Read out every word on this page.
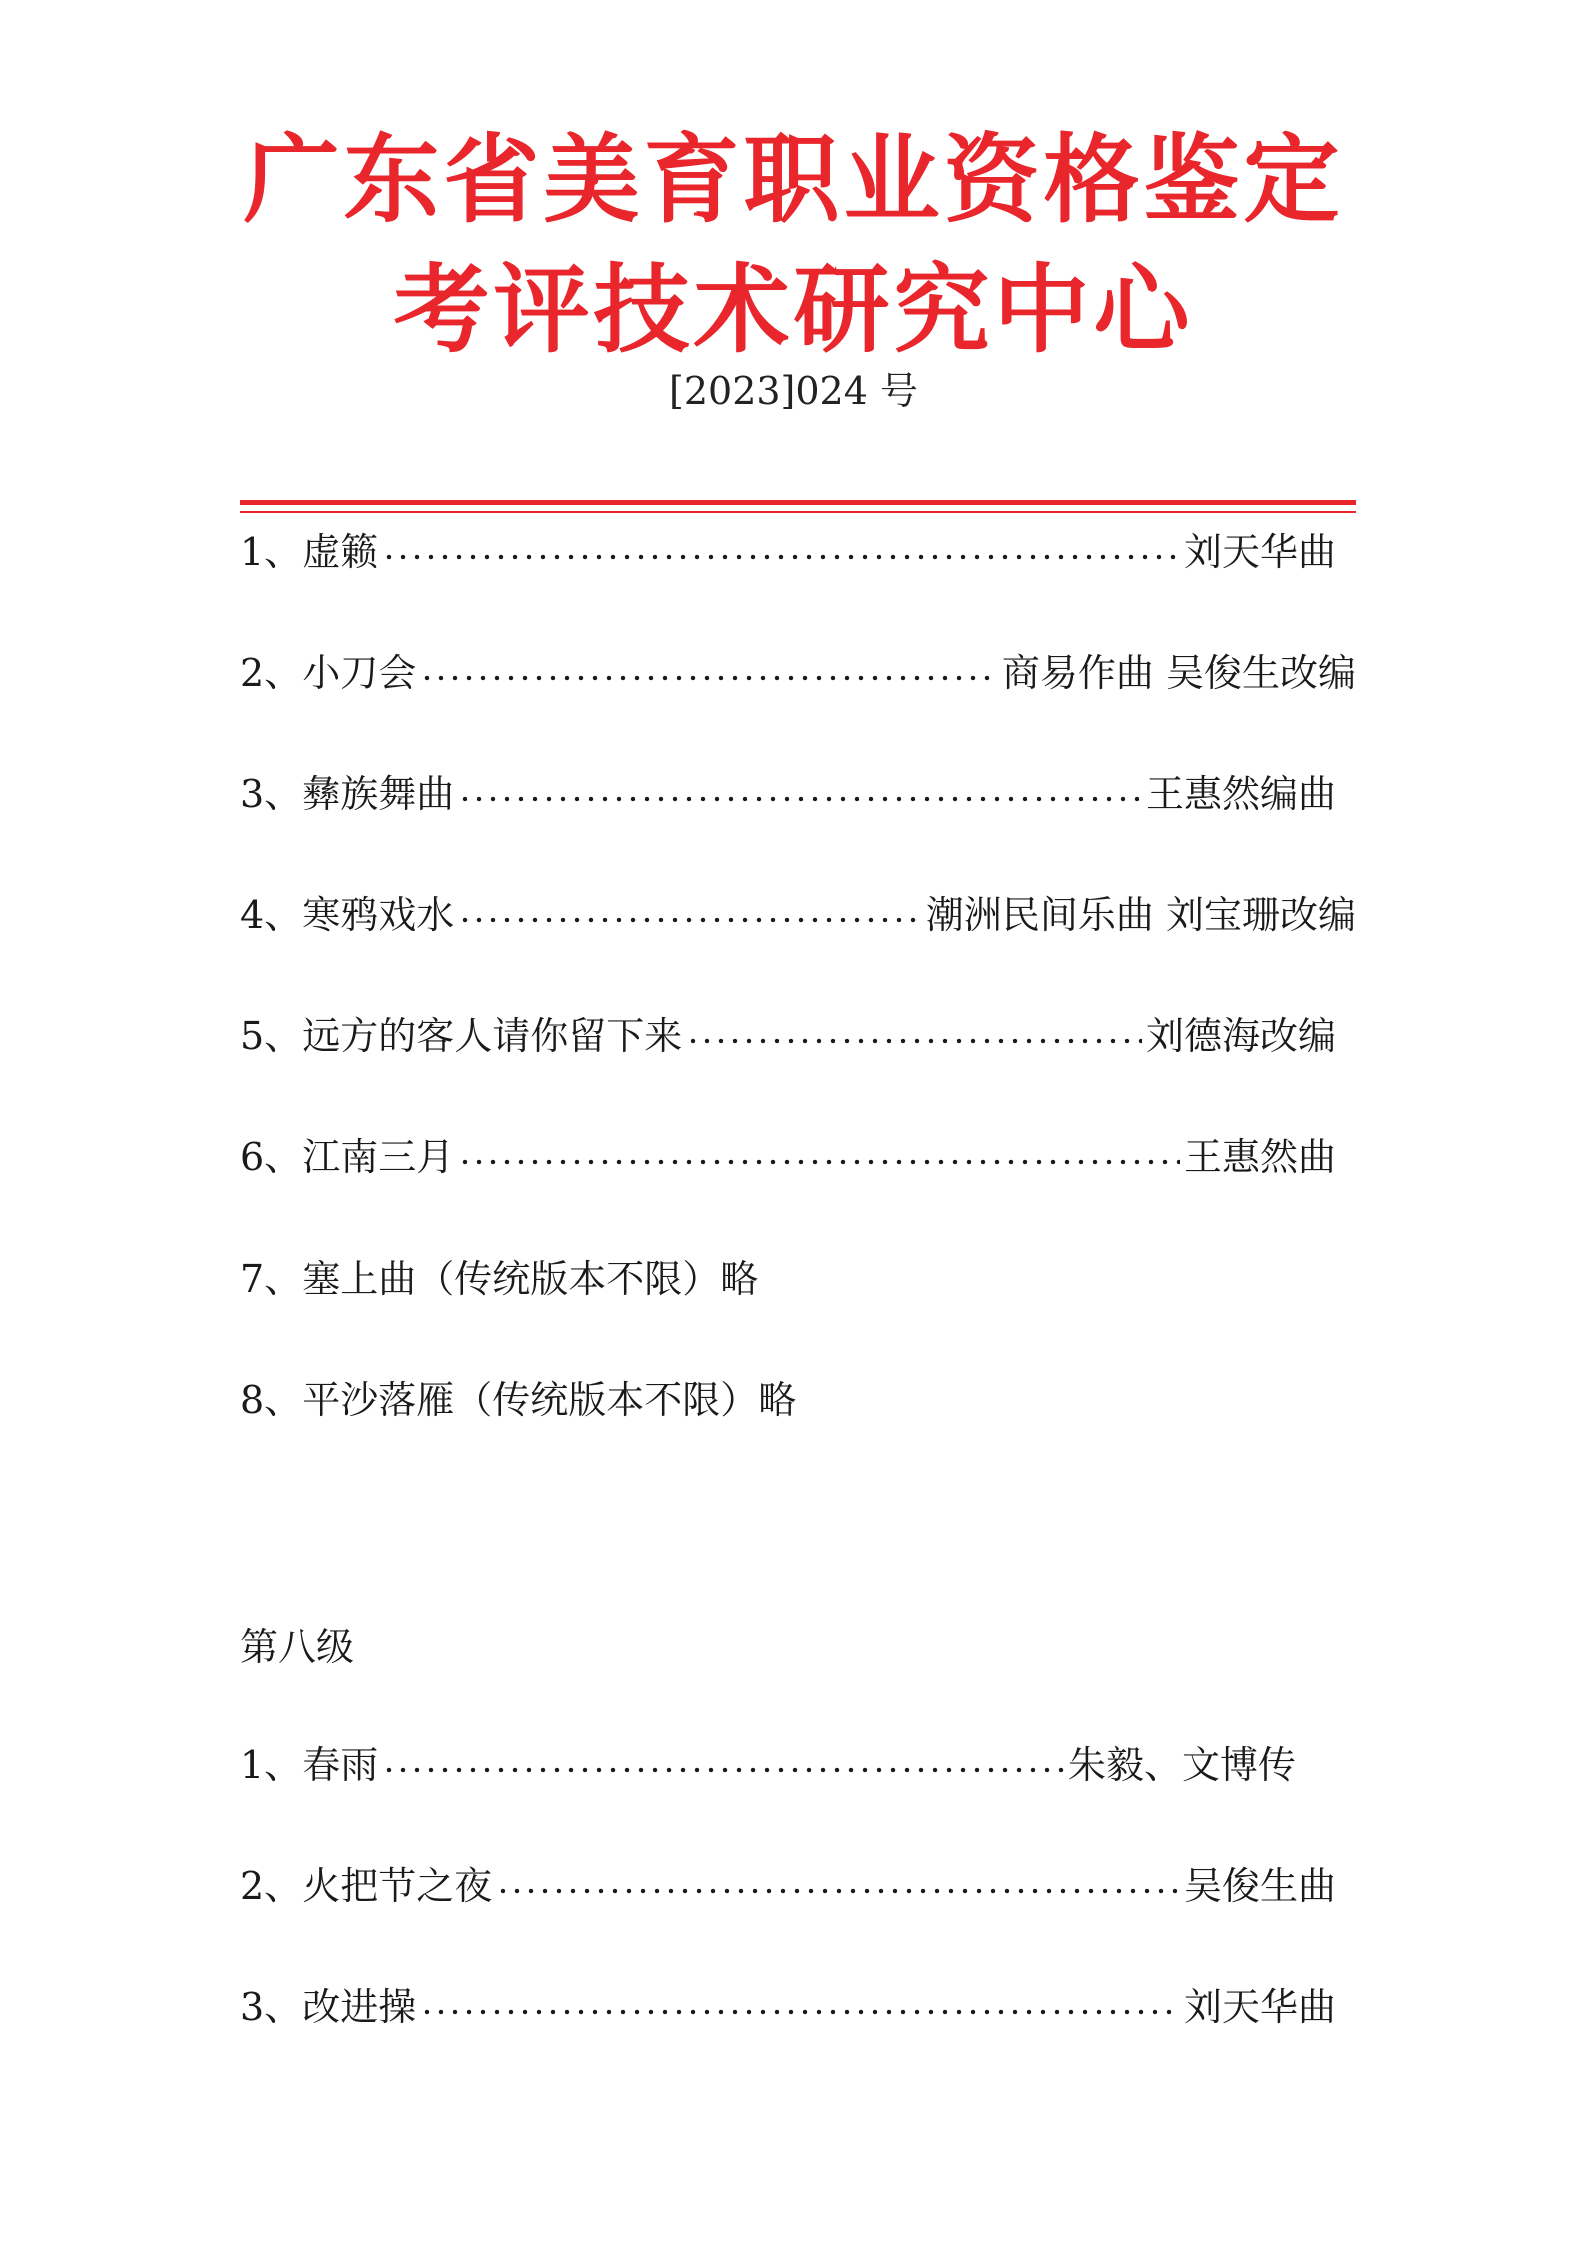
广东省美育职业资格鉴定
考评技术研究中心
[2023]024 号
1、 虚籁	刘天华曲
2、 小刀会	商易作曲 吴俊生改编
3、 彝族舞曲	王惠然编曲
4、 寒鸦戏水	潮洲民间乐曲 刘宝珊改编
5、 远方的客人请你留下来	刘德海改编
6、 江南三月	王惠然曲
7、 塞上曲（传统版本不限）略
8、 平沙落雁（传统版本不限）略
第八级
1、 春雨	朱毅、文博传
2、 火把节之夜	吴俊生曲
3、 改进操	刘天华曲
